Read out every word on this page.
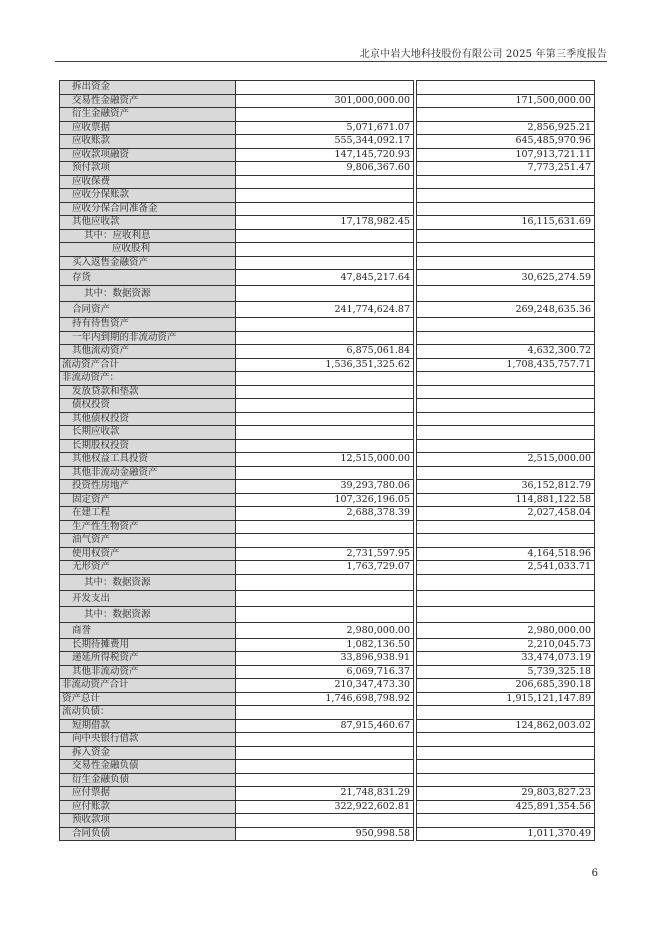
北京中岩大地科技股份有限公司 2025 年第三季度报告
拆出资金			
交易性金融资产	301,000,000.00		171,500,000.00
衍生金融资产			
应收票据	5,071,671.07		2,856,925.21
应收账款	555,344,092.17		645,485,970.96
应收款项融资	147,145,720.93		107,913,721.11
预付款项	9,806,367.60		7,773,251.47
应收保费			
应收分保账款			
应收分保合同准备金			
其他应收款	17,178,982.45		16,115,631.69
其中：应收利息			
应收股利			
买入返售金融资产			
存货	47,845,217.64		30,625,274.59
其中：数据资源			
合同资产	241,774,624.87		269,248,635.36
持有待售资产			
一年内到期的非流动资产			
其他流动资产	6,875,061.84		4,632,300.72
流动资产合计	1,536,351,325.62		1,708,435,757.71
非流动资产：			
发放贷款和垫款			
债权投资			
其他债权投资			
长期应收款			
长期股权投资			
其他权益工具投资	12,515,000.00		2,515,000.00
其他非流动金融资产			
投资性房地产	39,293,780.06		36,152,812.79
固定资产	107,326,196.05		114,881,122.58
在建工程	2,688,378.39		2,027,458.04
生产性生物资产			
油气资产			
使用权资产	2,731,597.95		4,164,518.96
无形资产	1,763,729.07		2,541,033.71
其中：数据资源			
开发支出			
其中：数据资源			
商誉	2,980,000.00		2,980,000.00
长期待摊费用	1,082,136.50		2,210,045.73
递延所得税资产	33,896,938.91		33,474,073.19
其他非流动资产	6,069,716.37		5,739,325.18
非流动资产合计	210,347,473.30		206,685,390.18
资产总计	1,746,698,798.92		1,915,121,147.89
流动负债：			
短期借款	87,915,460.67		124,862,003.02
向中央银行借款			
拆入资金			
交易性金融负债			
衍生金融负债			
应付票据	21,748,831.29		29,803,827.23
应付账款	322,922,602.81		425,891,354.56
预收款项			
合同负债	950,998.58		1,011,370.49
6
